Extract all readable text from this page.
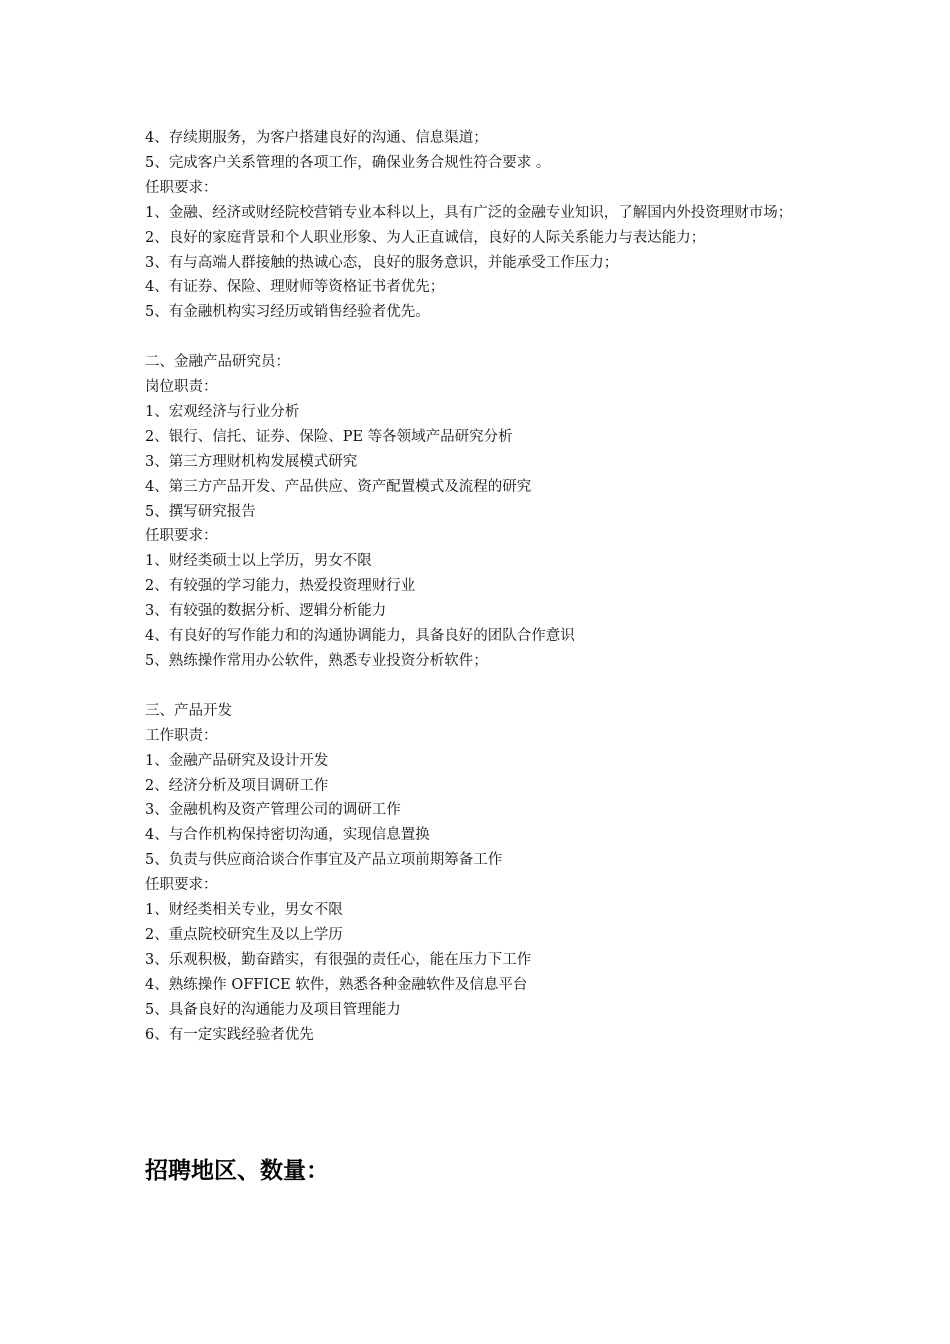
4、存续期服务，为客户搭建良好的沟通、信息渠道；

5、完成客户关系管理的各项工作，确保业务合规性符合要求 。

任职要求：

1、金融、经济或财经院校营销专业本科以上，具有广泛的金融专业知识，了解国内外投资理财市场；

2、良好的家庭背景和个人职业形象、为人正直诚信，良好的人际关系能力与表达能力；

3、有与高端人群接触的热诚心态，良好的服务意识，并能承受工作压力；

4、有证券、保险、理财师等资格证书者优先；

5、有金融机构实习经历或销售经验者优先。

二、金融产品研究员：

岗位职责：

1、宏观经济与行业分析

2、银行、信托、证券、保险、PE 等各领域产品研究分析

3、第三方理财机构发展模式研究

4、第三方产品开发、产品供应、资产配置模式及流程的研究

5、撰写研究报告

任职要求：

1、财经类硕士以上学历，男女不限

2、有较强的学习能力，热爱投资理财行业

3、有较强的数据分析、逻辑分析能力

4、有良好的写作能力和的沟通协调能力，具备良好的团队合作意识

5、熟练操作常用办公软件，熟悉专业投资分析软件；

三、产品开发

工作职责：

1、金融产品研究及设计开发

2、经济分析及项目调研工作

3、金融机构及资产管理公司的调研工作

4、与合作机构保持密切沟通，实现信息置换

5、负责与供应商洽谈合作事宜及产品立项前期筹备工作

任职要求：

1、财经类相关专业，男女不限

2、重点院校研究生及以上学历

3、乐观积极，勤奋踏实，有很强的责任心，能在压力下工作

4、熟练操作 OFFICE 软件，熟悉各种金融软件及信息平台

5、具备良好的沟通能力及项目管理能力

6、有一定实践经验者优先

招聘地区、数量：
